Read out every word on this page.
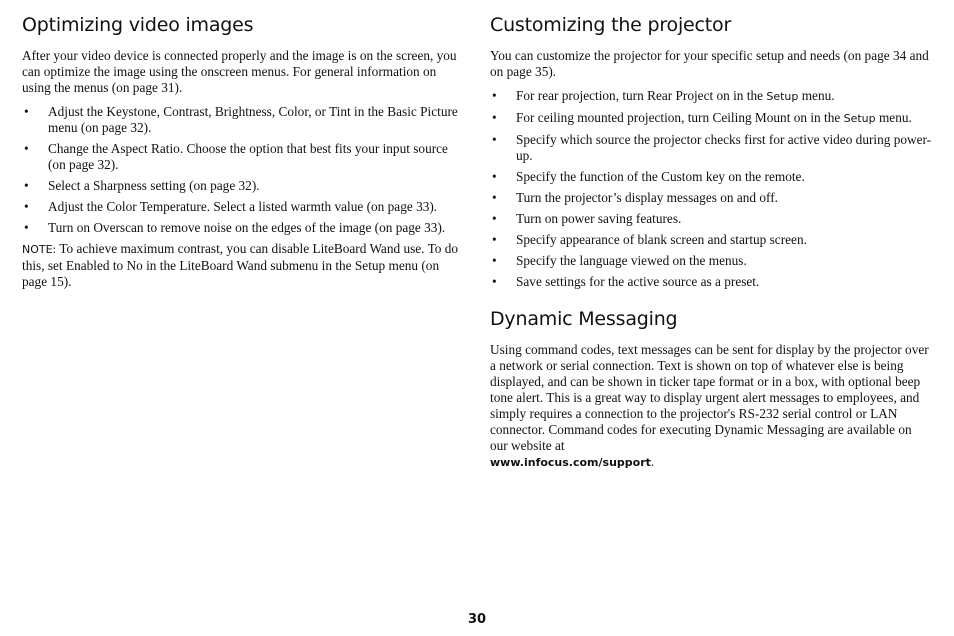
Optimizing video images

After your video device is connected properly and the image is on the screen, you can optimize the image using the onscreen menus. For general information on using the menus (on page 31).

• Adjust the Keystone, Contrast, Brightness, Color, or Tint in the Basic Picture menu (on page 32).
• Change the Aspect Ratio. Choose the option that best fits your input source (on page 32).
• Select a Sharpness setting (on page 32).
• Adjust the Color Temperature. Select a listed warmth value (on page 33).
• Turn on Overscan to remove noise on the edges of the image (on page 33).

NOTE: To achieve maximum contrast, you can disable LiteBoard Wand use. To do this, set Enabled to No in the LiteBoard Wand submenu in the Setup menu (on page 15).

Customizing the projector

You can customize the projector for your specific setup and needs (on page 34 and on page 35).

• For rear projection, turn Rear Project on in the Setup menu.
• For ceiling mounted projection, turn Ceiling Mount on in the Setup menu.
• Specify which source the projector checks first for active video during power-up.
• Specify the function of the Custom key on the remote.
• Turn the projector’s display messages on and off.
• Turn on power saving features.
• Specify appearance of blank screen and startup screen.
• Specify the language viewed on the menus.
• Save settings for the active source as a preset.
Dynamic Messaging

Using command codes, text messages can be sent for display by the projector over a network or serial connection. Text is shown on top of whatever else is being displayed, and can be shown in ticker tape format or in a box, with optional beep tone alert. This is a great way to display urgent alert messages to employees, and simply requires a connection to the projector's RS-232 serial control or LAN connector. Command codes for executing Dynamic Messaging are available on our website at
www.infocus.com/support.

30
